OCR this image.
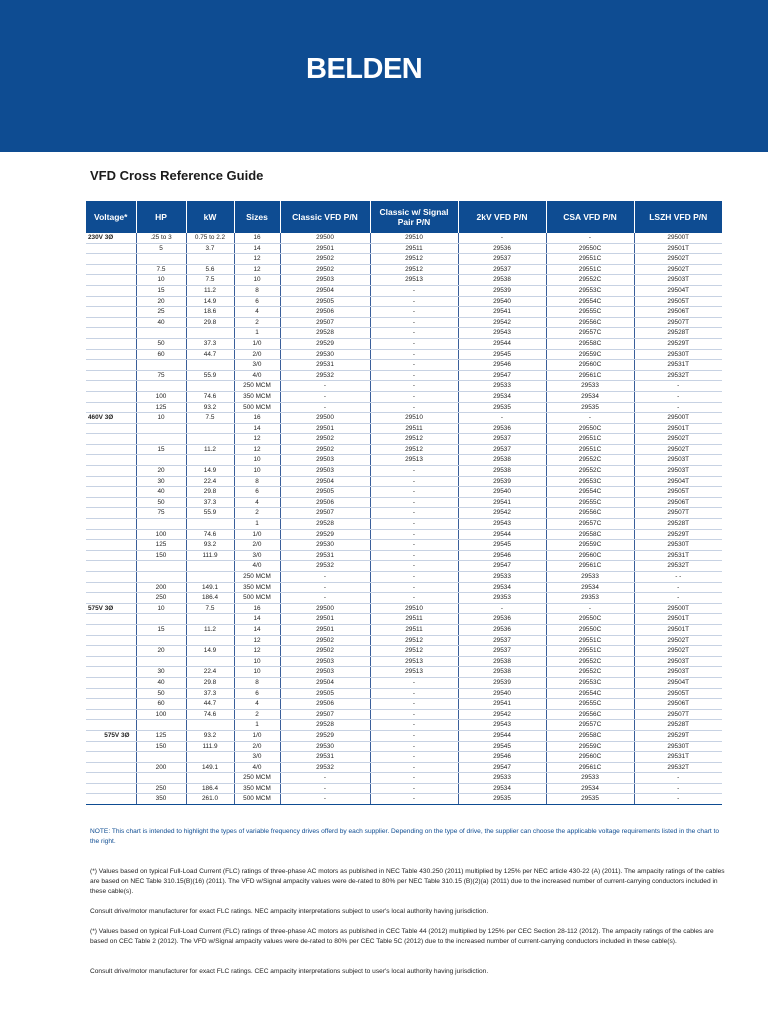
BELDEN
VFD Cross Reference Guide
Voltage*	HP	kW	Sizes	Classic VFD P/N	Classic w/ Signal Pair P/N	2kV VFD P/N	CSA VFD P/N	LSZH VFD P/N
230V 3Ø	.25 to 3	0.75 to 2.2	16	29500	29510	-	-	29500T
	5	3.7	14	29501	29511	29536	29550C	29501T
			12	29502	29512	29537	29551C	29502T
	7.5	5.6	12	29502	29512	29537	29551C	29502T
	10	7.5	10	29503	29513	29538	29552C	29503T
	15	11.2	8	29504	-	29539	29553C	29504T
	20	14.9	6	29505	-	29540	29554C	29505T
	25	18.6	4	29506	-	29541	29555C	29506T
	40	29.8	2	29507	-	29542	29556C	29507T
			1	29528	-	29543	29557C	29528T
	50	37.3	1/0	29529	-	29544	29558C	29529T
	60	44.7	2/0	29530	-	29545	29559C	29530T
			3/0	29531	-	29546	29560C	29531T
	75	55.9	4/0	29532	-	29547	29561C	29532T
			250 MCM	-	-	29533	29533	-
	100	74.6	350 MCM	-	-	29534	29534	-
	125	93.2	500 MCM	-	-	29535	29535	-
460V 3Ø	10	7.5	16	29500	29510	-	-	29500T
			14	29501	29511	29536	29550C	29501T
			12	29502	29512	29537	29551C	29502T
	15	11.2	12	29502	29512	29537	29551C	29502T
			10	29503	29513	29538	29552C	29503T
	20	14.9	10	29503	-	29538	29552C	29503T
	30	22.4	8	29504	-	29539	29553C	29504T
	40	29.8	6	29505	-	29540	29554C	29505T
	50	37.3	4	29506	-	29541	29555C	29506T
	75	55.9	2	29507	-	29542	29556C	29507T
			1	29528	-	29543	29557C	29528T
	100	74.6	1/0	29529	-	29544	29558C	29529T
	125	93.2	2/0	29530	-	29545	29559C	29530T
	150	111.9	3/0	29531	-	29546	29560C	29531T
			4/0	29532	-	29547	29561C	29532T
			250 MCM	-	-	29533	29533	- -
	200	149.1	350 MCM	-	-	29534	29534	-
	250	186.4	500 MCM	-	-	29353	29353	-
575V 3Ø	10	7.5	16	29500	29510	-	-	29500T
			14	29501	29511	29536	29550C	29501T
	15	11.2	14	29501	29511	29536	29550C	29501T
			12	29502	29512	29537	29551C	29502T
	20	14.9	12	29502	29512	29537	29551C	29502T
			10	29503	29513	29538	29552C	29503T
	30	22.4	10	29503	29513	29538	29552C	29503T
	40	29.8	8	29504	-	29539	29553C	29504T
	50	37.3	6	29505	-	29540	29554C	29505T
	60	44.7	4	29506	-	29541	29555C	29506T
	100	74.6	2	29507	-	29542	29556C	29507T
			1	29528	-	29543	29557C	29528T
575V 3Ø	125	93.2	1/0	29529	-	29544	29558C	29529T
	150	111.9	2/0	29530	-	29545	29559C	29530T
			3/0	29531	-	29546	29560C	29531T
	200	149.1	4/0	29532	-	29547	29561C	29532T
			250 MCM	-	-	29533	29533	-
	250	186.4	350 MCM	-	-	29534	29534	-
	350	261.0	500 MCM	-	-	29535	29535	-
NOTE: This chart is intended to highlight the types of variable frequency drives offerd by each supplier. Depending on the type of drive, the supplier can choose the applicable voltage requirements listed in the chart to the right.
(*) Values based on typical Full-Load Current (FLC) ratings of three-phase AC motors as published in NEC Table 430.250 (2011) multiplied by 125% per NEC article 430-22 (A) (2011). The ampacity ratings of the cables are based on NEC Table 310.15(B)(16) (2011). The VFD w/Signal ampacity values were de-rated to 80% per NEC Table 310.15 (B)(2)(a) (2011) due to the increased number of current-carrying conductors included in these cable(s).
Consult drive/motor manufacturer for exact FLC ratings. NEC ampacity interpretations subject to user's local authority having jurisdiction.
(*) Values based on typical Full-Load Current (FLC) ratings of three-phase AC motors as published in CEC Table 44 (2012) multiplied by 125% per CEC Section 28-112 (2012). The ampacity ratings of the cables are based on CEC Table 2 (2012). The VFD w/Signal ampacity values were de-rated to 80% per CEC Table 5C (2012) due to the increased number of current-carrying conductors included in these cable(s).
Consult drive/motor manufacturer for exact FLC ratings. CEC ampacity interpretations subject to user's local authority having jurisdiction.
